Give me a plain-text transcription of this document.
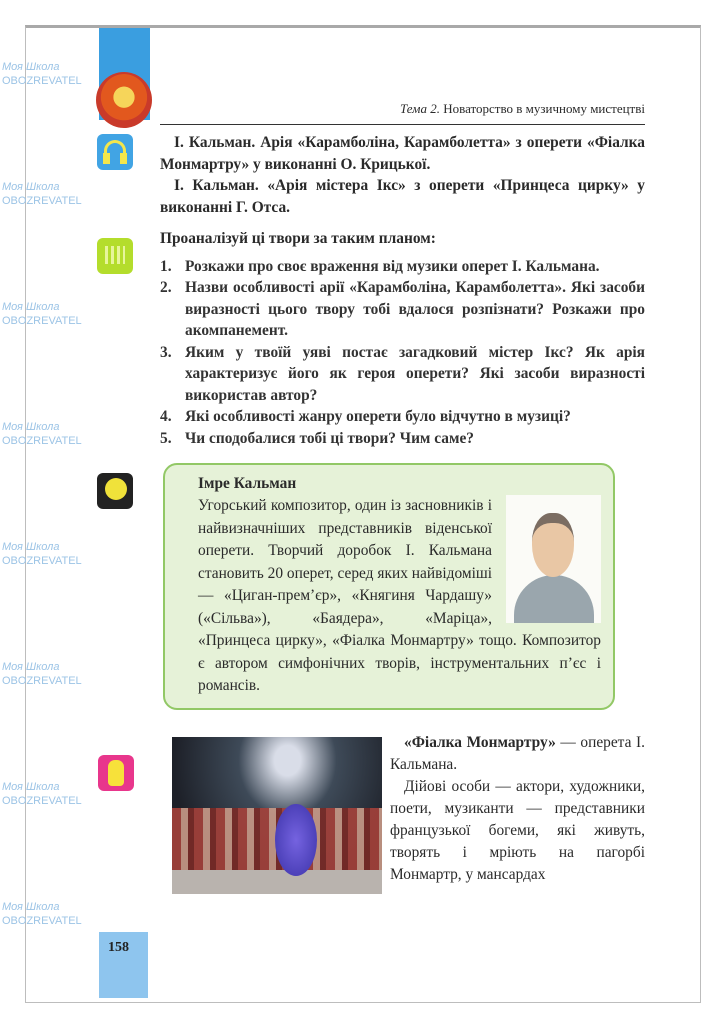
158
Тема 2. Новаторство в музичному мистецтві
І. Кальман. Арія «Карамболіна, Карамболетта» з оперети «Фіалка Монмартру» у виконанні О. Крицької.
І. Кальман. «Арія містера Ікс» з оперети «Принцеса цирку» у виконанні Г. Отса.
Проаналізуй ці твори за таким планом:
1. Розкажи про своє враження від музики оперет І. Кальмана.
2. Назви особливості арії «Карамболіна, Карамболетта». Які засоби виразності цього твору тобі вдалося розпізнати? Розкажи про акомпанемент.
3. Яким у твоїй уяві постає загадковий містер Ікс? Як арія характеризує його як героя оперети? Які засоби виразності використав автор?
4. Які особливості жанру оперети було відчутно в музиці?
5. Чи сподобалися тобі ці твори? Чим саме?
Імре Кальман
Угорський композитор, один із засновників і найвизначніших представників віденської оперети. Творчий доробок І. Кальмана становить 20 оперет, серед яких найвідоміші — «Циган-прем’єр», «Княгиня Чардашу» («Сільва»), «Баядера», «Маріца», «Принцеса цирку», «Фіалка Монмартру» тощо. Композитор є автором симфонічних творів, інструментальних п’єс і романсів.
«Фіалка Монмартру» — оперета І. Кальмана.
Дійові особи — актори, художники, поети, музиканти — представники французької богеми, які живуть, творять і мріють на пагорбі Монмартр, у мансардах
Моя Школа
OBOZREVATEL
Моя Школа
OBOZREVATEL
Моя Школа
OBOZREVATEL
Моя Школа
OBOZREVATEL
Моя Школа
OBOZREVATEL
Моя Школа
OBOZREVATEL
Моя Школа
OBOZREVATEL
Моя Школа
OBOZREVATEL
